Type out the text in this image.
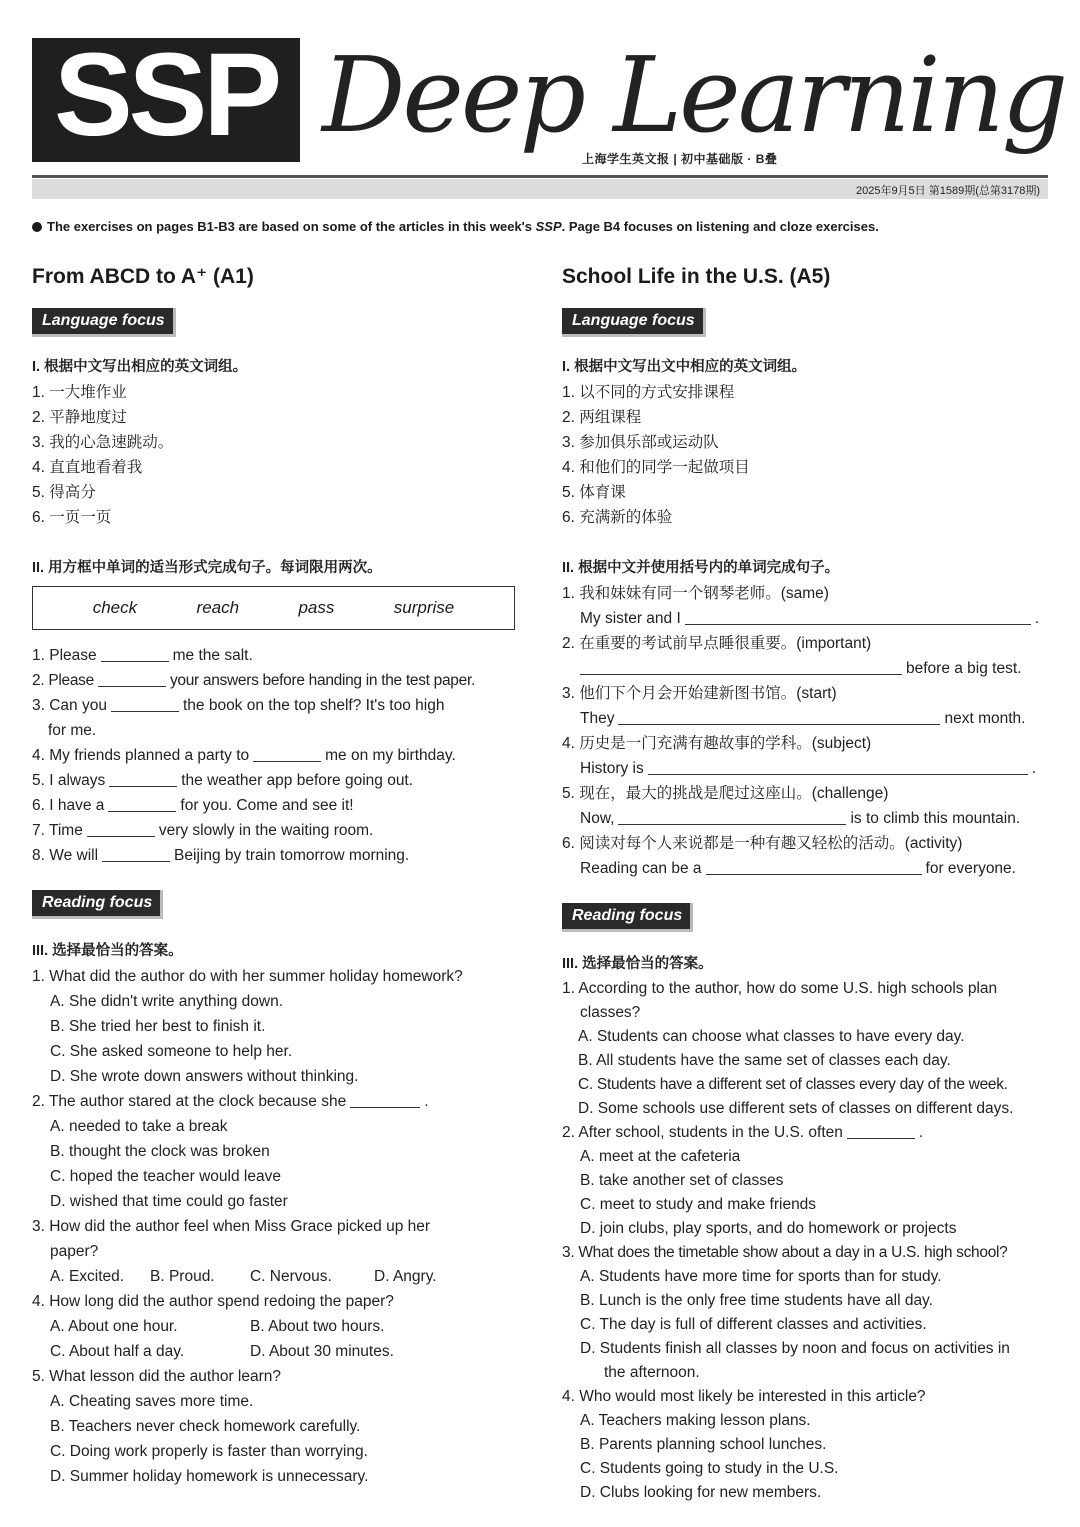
SSP Deep Learning
上海学生英文报 | 初中基础版 · B叠
2025年9月5日 第1589期(总第3178期)
The exercises on pages B1-B3 are based on some of the articles in this week's SSP. Page B4 focuses on listening and cloze exercises.
From ABCD to A⁺ (A1)
Language focus
I. 根据中文写出相应的英文词组。
1. 一大堆作业
2. 平静地度过
3. 我的心急速跳动。
4. 直直地看着我
5. 得高分
6. 一页一页
II. 用方框中单词的适当形式完成句子。每词限用两次。
check	reach	pass	surprise
1. Please	me the salt.
2. Please	your answers before handing in the test paper.
3. Can you	the book on the top shelf? It's too high
for me.
4. My friends planned a party to	me on my birthday.
5. I always	the weather app before going out.
6. I have a	for you. Come and see it!
7. Time	very slowly in the waiting room.
8. We will	Beijing by train tomorrow morning.
Reading focus
III. 选择最恰当的答案。
1. What did the author do with her summer holiday homework?
A. She didn't write anything down.
B. She tried her best to finish it.
C. She asked someone to help her.
D. She wrote down answers without thinking.
2. The author stared at the clock because she	.
A. needed to take a break
B. thought the clock was broken
C. hoped the teacher would leave
D. wished that time could go faster
3. How did the author feel when Miss Grace picked up her
paper?
A. Excited. B. Proud. C. Nervous.	D. Angry.
4. How long did the author spend redoing the paper?
A. About one hour.	B. About two hours.
C. About half a day.	D. About 30 minutes.
5. What lesson did the author learn?
A. Cheating saves more time.
B. Teachers never check homework carefully.
C. Doing work properly is faster than worrying.
D. Summer holiday homework is unnecessary.
School Life in the U.S. (A5)
Language focus
I. 根据中文写出文中相应的英文词组。
1. 以不同的方式安排课程
2. 两组课程
3. 参加俱乐部或运动队
4. 和他们的同学一起做项目
5. 体育课
6. 充满新的体验
II. 根据中文并使用括号内的单词完成句子。
1. 我和妹妹有同一个钢琴老师。(same)
My sister and I	.
2. 在重要的考试前早点睡很重要。(important)
before a big test.
3. 他们下个月会开始建新图书馆。(start)
They	next month.
4. 历史是一门充满有趣故事的学科。(subject)
History is	.
5. 现在，最大的挑战是爬过这座山。(challenge)
Now,	is to climb this mountain.
6. 阅读对每个人来说都是一种有趣又轻松的活动。(activity)
Reading can be a	for everyone.
Reading focus
III. 选择最恰当的答案。
1. According to the author, how do some U.S. high schools plan
classes?
A. Students can choose what classes to have every day.
B. All students have the same set of classes each day.
C. Students have a different set of classes every day of the week.
D. Some schools use different sets of classes on different days.
2. After school, students in the U.S. often	.
A. meet at the cafeteria
B. take another set of classes
C. meet to study and make friends
D. join clubs, play sports, and do homework or projects
3. What does the timetable show about a day in a U.S. high school?
A. Students have more time for sports than for study.
B. Lunch is the only free time students have all day.
C. The day is full of different classes and activities.
D. Students finish all classes by noon and focus on activities in
the afternoon.
4. Who would most likely be interested in this article?
A. Teachers making lesson plans.
B. Parents planning school lunches.
C. Students going to study in the U.S.
D. Clubs looking for new members.
